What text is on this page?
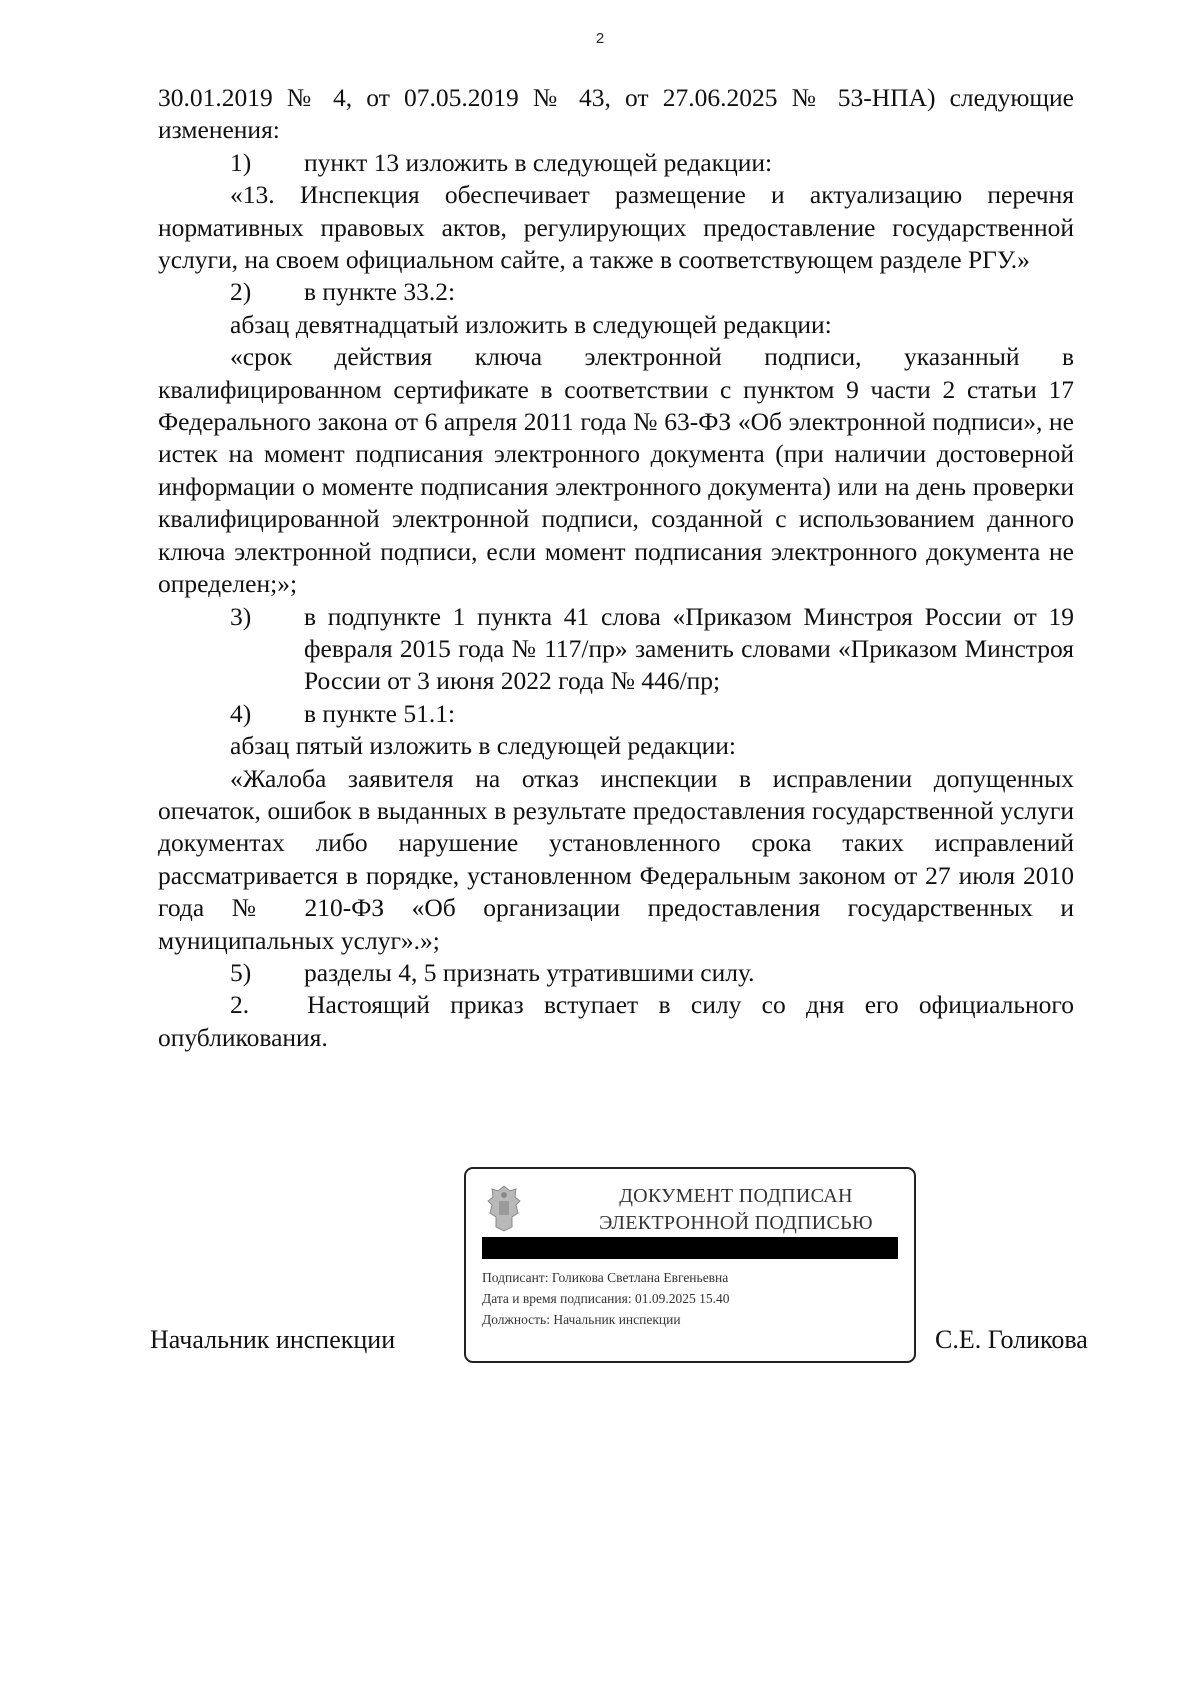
2

30.01.2019 № 4, от 07.05.2019 № 43, от 27.06.2025 № 53-НПА) следующие изменения:

1)	пункт 13 изложить в следующей редакции:

«13. Инспекция обеспечивает размещение и актуализацию перечня нормативных правовых актов, регулирующих предоставление государственной услуги, на своем официальном сайте, а также в соответствующем разделе РГУ.»

2)	в пункте 33.2:

абзац девятнадцатый изложить в следующей редакции:

«срок действия ключа электронной подписи, указанный в квалифицированном сертификате в соответствии с пунктом 9 части 2 статьи 17 Федерального закона от 6 апреля 2011 года № 63-ФЗ «Об электронной подписи», не истек на момент подписания электронного документа (при наличии достоверной информации о моменте подписания электронного документа) или на день проверки квалифицированной электронной подписи, созданной с использованием данного ключа электронной подписи, если момент подписания электронного документа не определен;»;

3)	в подпункте 1 пункта 41 слова «Приказом Минстроя России от 19 февраля 2015 года № 117/пр» заменить словами «Приказом Минстроя России от 3 июня 2022 года № 446/пр;

4)	в пункте 51.1:

абзац пятый изложить в следующей редакции:

«Жалоба заявителя на отказ инспекции в исправлении допущенных опечаток, ошибок в выданных в результате предоставления государственной услуги документах либо нарушение установленного срока таких исправлений рассматривается в порядке, установленном Федеральным законом от 27 июля 2010 года № 210-ФЗ «Об организации предоставления государственных и муниципальных услуг».»;

5)	разделы 4, 5 признать утратившими силу.

2. Настоящий приказ вступает в силу со дня его официального опубликования.

Начальник инспекции
ДОКУМЕНТ ПОДПИСАН
ЭЛЕКТРОННОЙ ПОДПИСЬЮ
Подписант: Голикова Светлана Евгеньевна
Дата и время подписания: 01.09.2025 15.40
Должность: Начальник инспекции
С.Е. Голикова
